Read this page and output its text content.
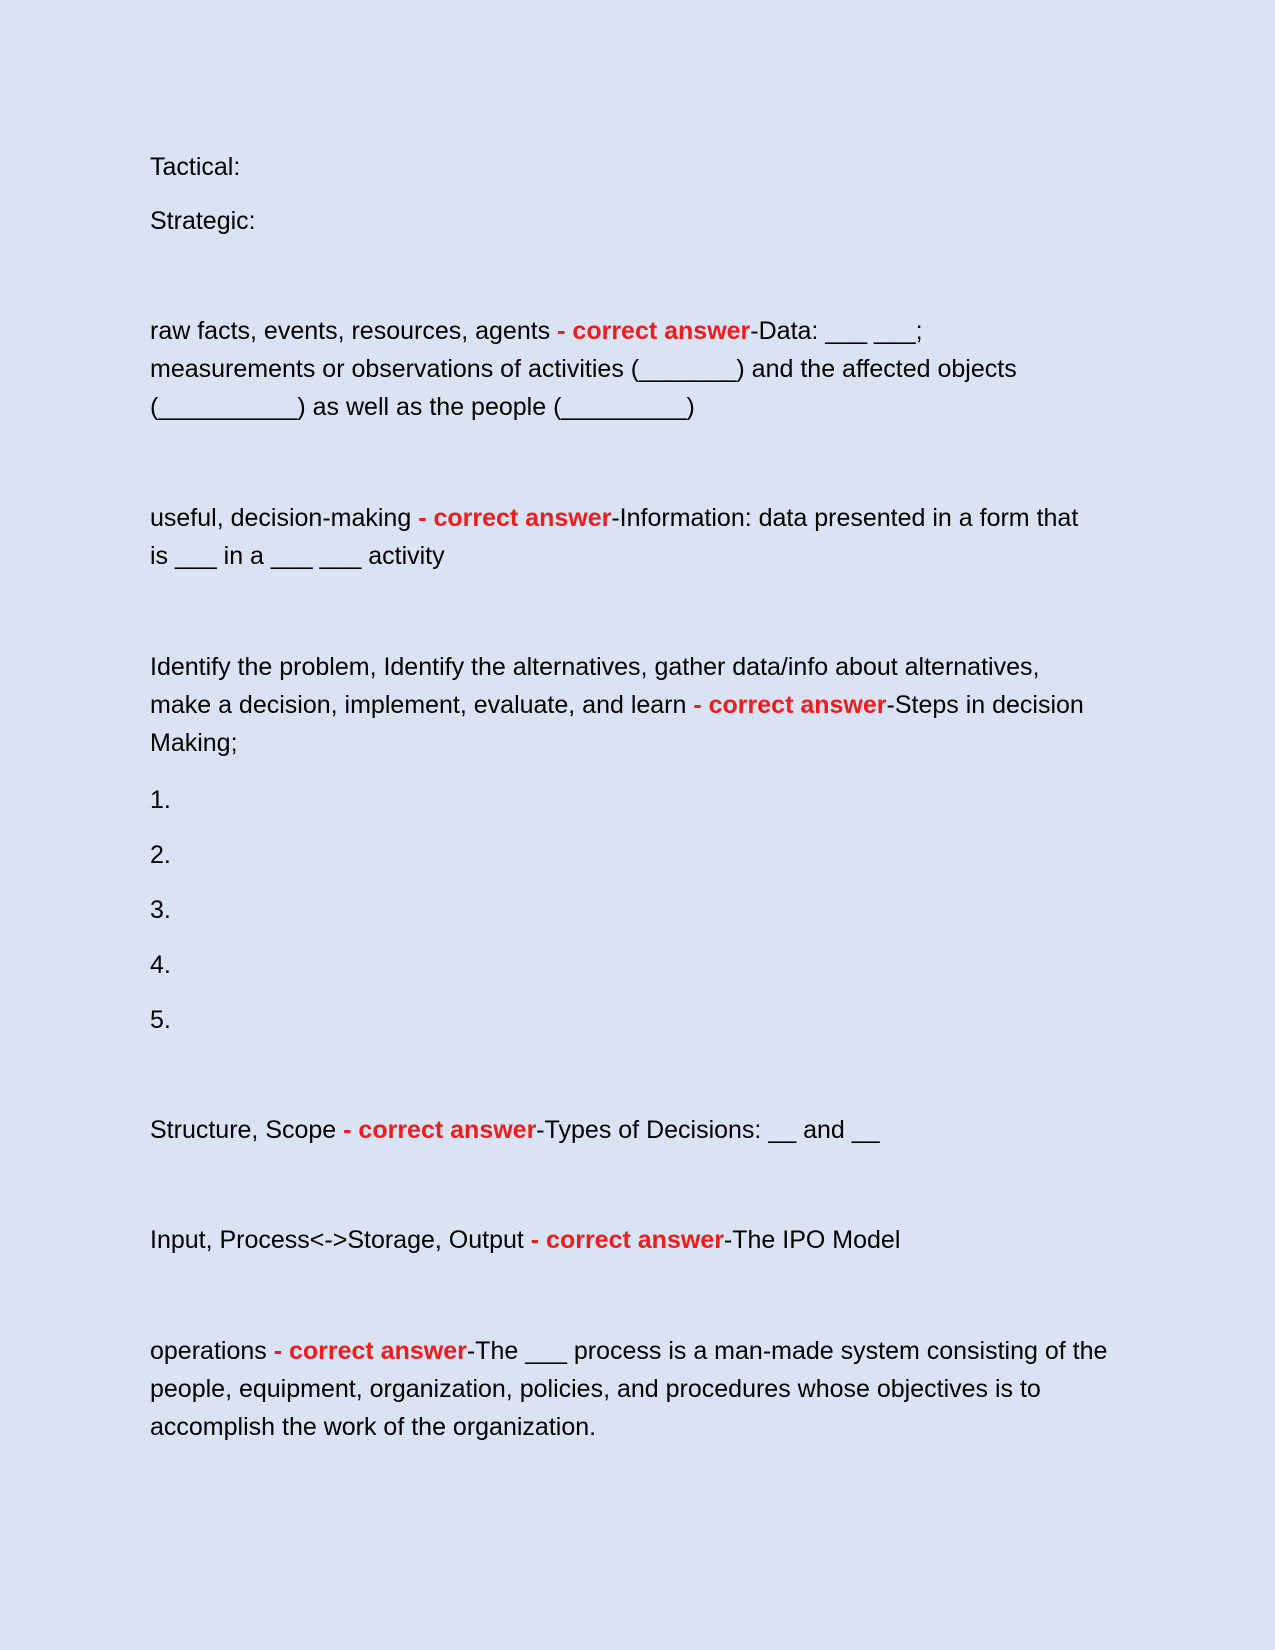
Tactical:

Strategic:

raw facts, events, resources, agents - correct answer-Data: ___ ___; measurements or observations of activities (_______) and the affected objects (__________) as well as the people (_________)
useful, decision-making - correct answer-Information: data presented in a form that is ___ in a ___ ___ activity
Identify the problem, Identify the alternatives, gather data/info about alternatives, make a decision, implement, evaluate, and learn - correct answer-Steps in decision Making;

1.

2.

3.

4.

5.

Structure, Scope - correct answer-Types of Decisions: __ and __
Input, Process<->Storage, Output - correct answer-The IPO Model
operations - correct answer-The ___ process is a man-made system consisting of the people, equipment, organization, policies, and procedures whose objectives is to accomplish the work of the organization.
